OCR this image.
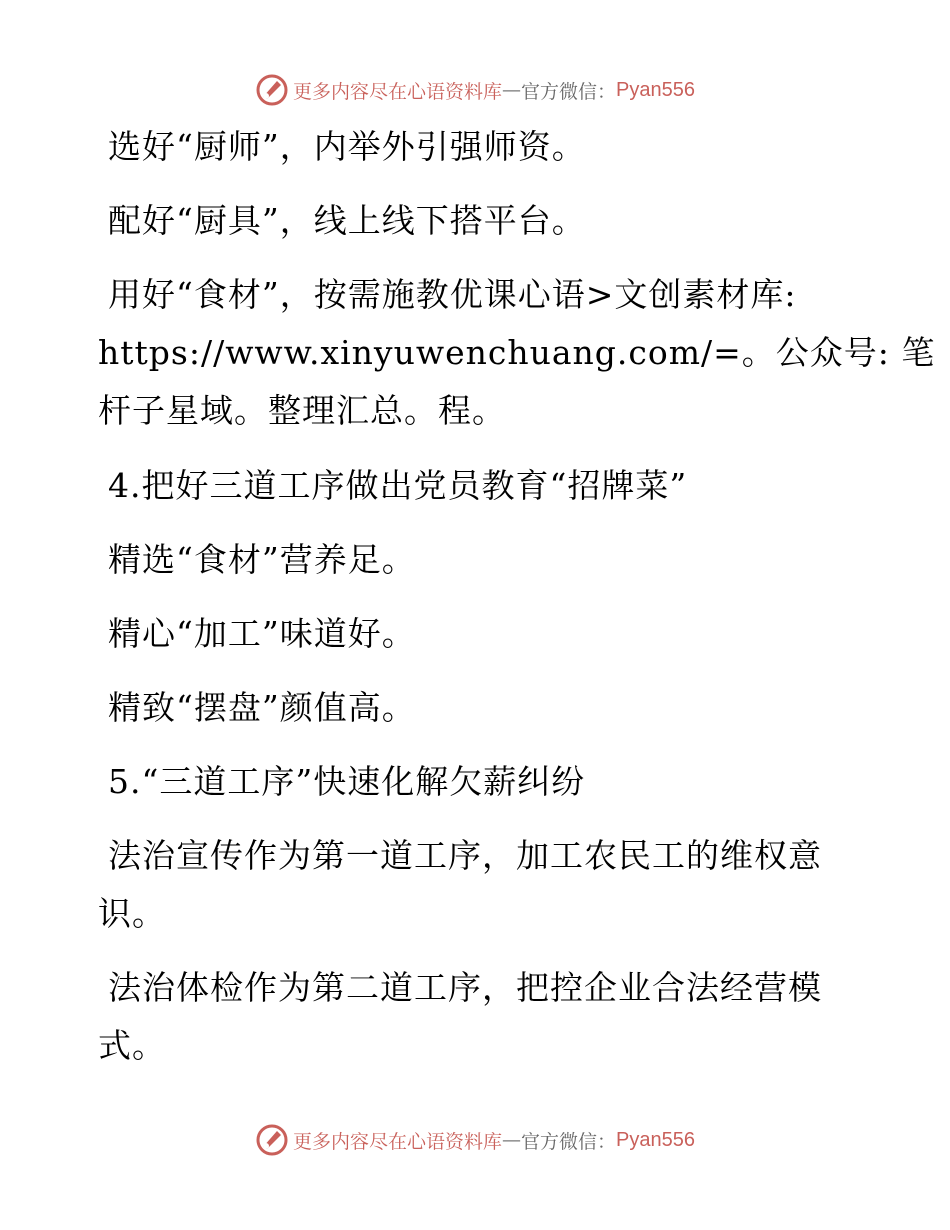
更多内容尽在心语资料库 — 官方微信： Pyan556
选好“厨师”，内举外引强师资。
配好“厨具”，线上线下搭平台。
用好“食材”，按需施教优课心语>文创素材库:
https://www.xinyuwenchuang.com/=。公众号: 笔
杆子星域。整理汇总。程。
4.把好三道工序做出党员教育“招牌菜”
精选“食材”营养足。
精心“加工”味道好。
精致“摆盘”颜值高。
5.“三道工序”快速化解欠薪纠纷
法治宣传作为第一道工序，加工农民工的维权意
识。
法治体检作为第二道工序，把控企业合法经营模
式。
更多内容尽在心语资料库 — 官方微信： Pyan556
